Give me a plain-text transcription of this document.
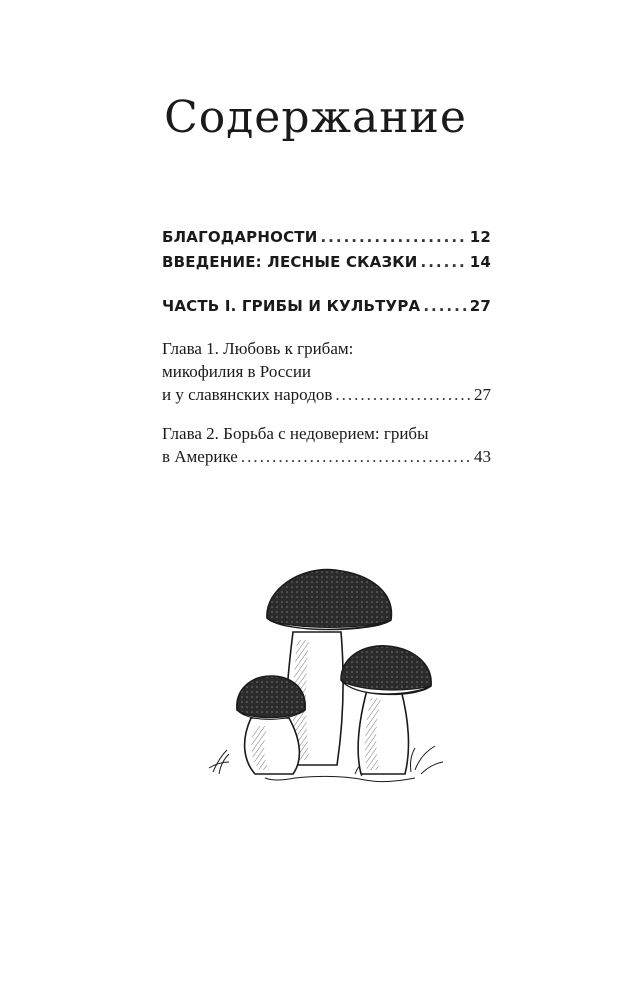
Содержание
БЛАГОДАРНОСТИ .....	12
ВВЕДЕНИЕ: ЛЕСНЫЕ СКАЗКИ .....	14
ЧАСТЬ I. ГРИБЫ И КУЛЬТУРА .....	27
Глава 1. Любовь к грибам:
микофилия в России
и у славянских народов .....	27
Глава 2. Борьба с недоверием: грибы
в Америке .....	43
